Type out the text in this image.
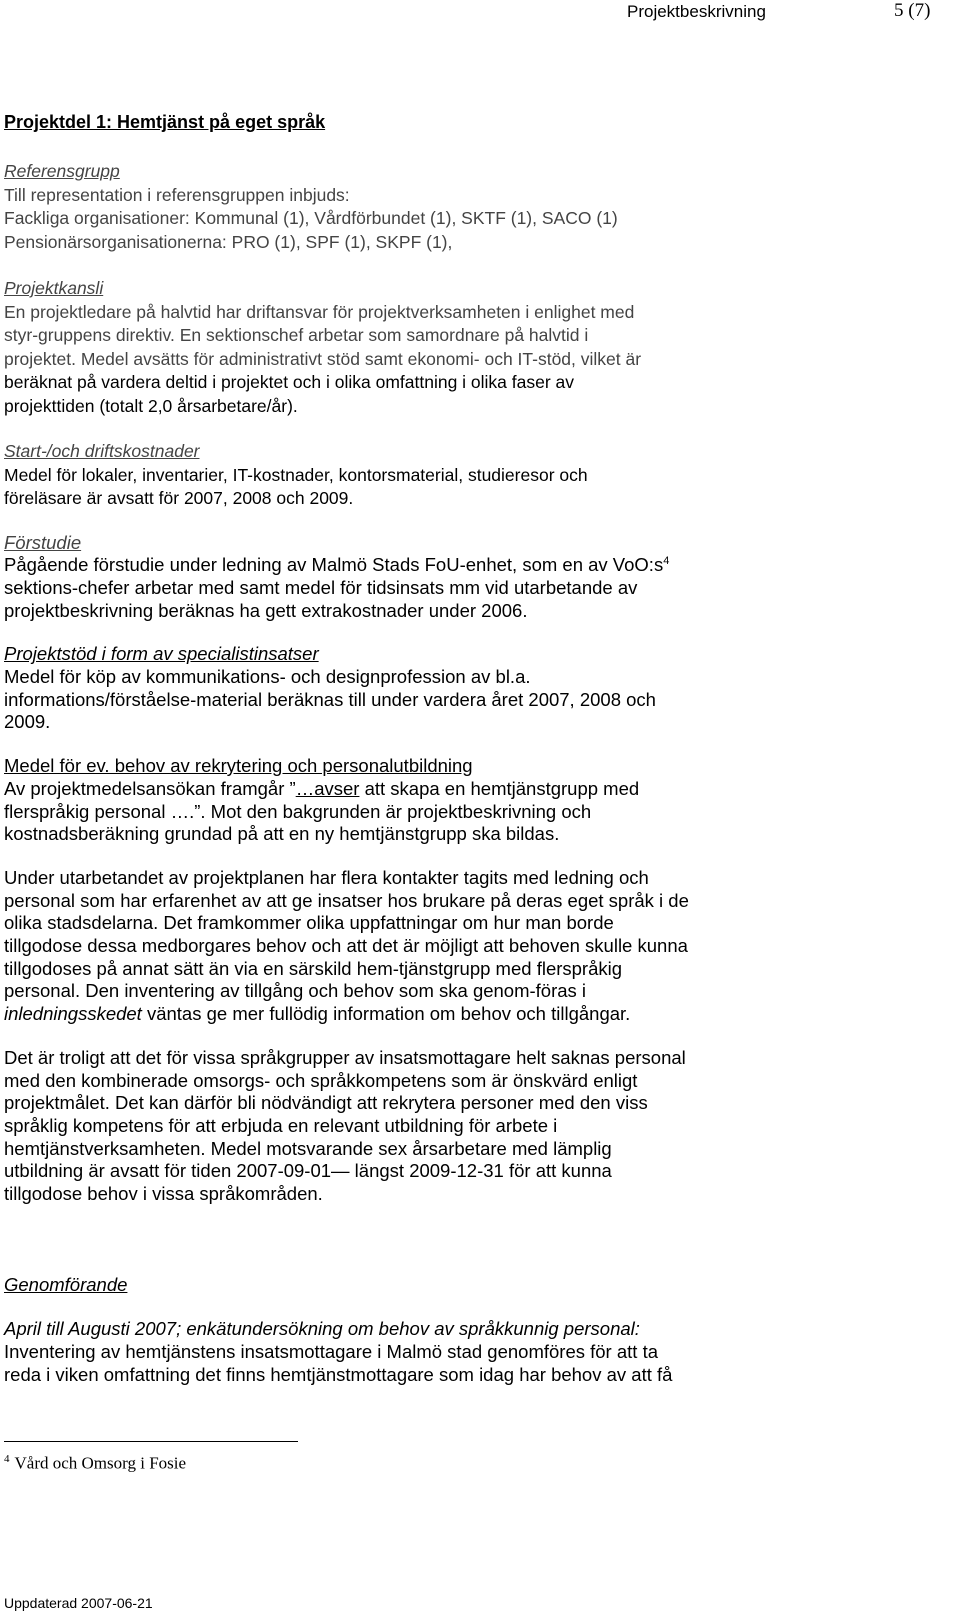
Projektbeskrivning	5 (7)
Projektdel 1: Hemtjänst på eget språk

Referensgrupp

Till representation i referensgruppen inbjuds:

Fackliga organisationer: Kommunal (1), Vårdförbundet (1), SKTF (1), SACO (1)

Pensionärsorganisationerna: PRO (1), SPF (1), SKPF (1),

Projektkansli

En projektledare på halvtid har driftansvar för projektverksamheten i enlighet med

styr-gruppens direktiv. En sektionschef arbetar som samordnare på halvtid i

projektet. Medel avsätts för administrativt stöd samt ekonomi- och IT-stöd, vilket är

beräknat på vardera deltid i projektet och i olika omfattning i olika faser av

projekttiden (totalt 2,0 årsarbetare/år).

Start-/och driftskostnader

Medel för lokaler, inventarier, IT-kostnader, kontorsmaterial, studieresor och

föreläsare är avsatt för 2007, 2008 och 2009.

Förstudie

Pågående förstudie under ledning av Malmö Stads FoU-enhet, som en av $VoO:s^4$

sektions-chefer arbetar med samt medel för tidsinsats mm vid utarbetande av

projektbeskrivning beräknas ha gett extrakostnader under 2006.

Projektstöd i form av specialistinsatser

Medel för köp av kommunikations- och designprofession av bl.a.

informations/förståelse-material beräknas till under vardera året 2007, 2008 och

2009.

Medel för ev. behov av rekrytering och personalutbildning

Av projektmedelsansökan framgår ”…avser att skapa en hemtjänstgrupp med

flerspråkig personal ….”. Mot den bakgrunden är projektbeskrivning och

kostnadsberäkning grundad på att en ny hemtjänstgrupp ska bildas.

Under utarbetandet av projektplanen har flera kontakter tagits med ledning och

personal som har erfarenhet av att ge insatser hos brukare på deras eget språk i de

olika stadsdelarna. Det framkommer olika uppfattningar om hur man borde

tillgodose dessa medborgares behov och att det är möjligt att behoven skulle kunna

tillgodoses på annat sätt än via en särskild hem-tjänstgrupp med flerspråkig

personal. Den inventering av tillgång och behov som ska genom-föras i

inledningsskedet väntas ge mer fullödig information om behov och tillgångar.

Det är troligt att det för vissa språkgrupper av insatsmottagare helt saknas personal

med den kombinerade omsorgs- och språkkompetens som är önskvärd enligt

projektmålet. Det kan därför bli nödvändigt att rekrytera personer med den viss

språklig kompetens för att erbjuda en relevant utbildning för arbete i

hemtjänstverksamheten. Medel motsvarande sex årsarbetare med lämplig

utbildning är avsatt för tiden 2007-09-01— längst 2009-12-31 för att kunna

tillgodose behov i vissa språkområden.

Genomförande

April till Augusti 2007; enkätundersökning om behov av språkkunnig personal:

Inventering av hemtjänstens insatsmottagare i Malmö stad genomföres för att ta

reda i viken omfattning det finns hemtjänstmottagare som idag har behov av att få

$^4$ Vård och Omsorg i Fosie
Uppdaterad 2007-06-21
